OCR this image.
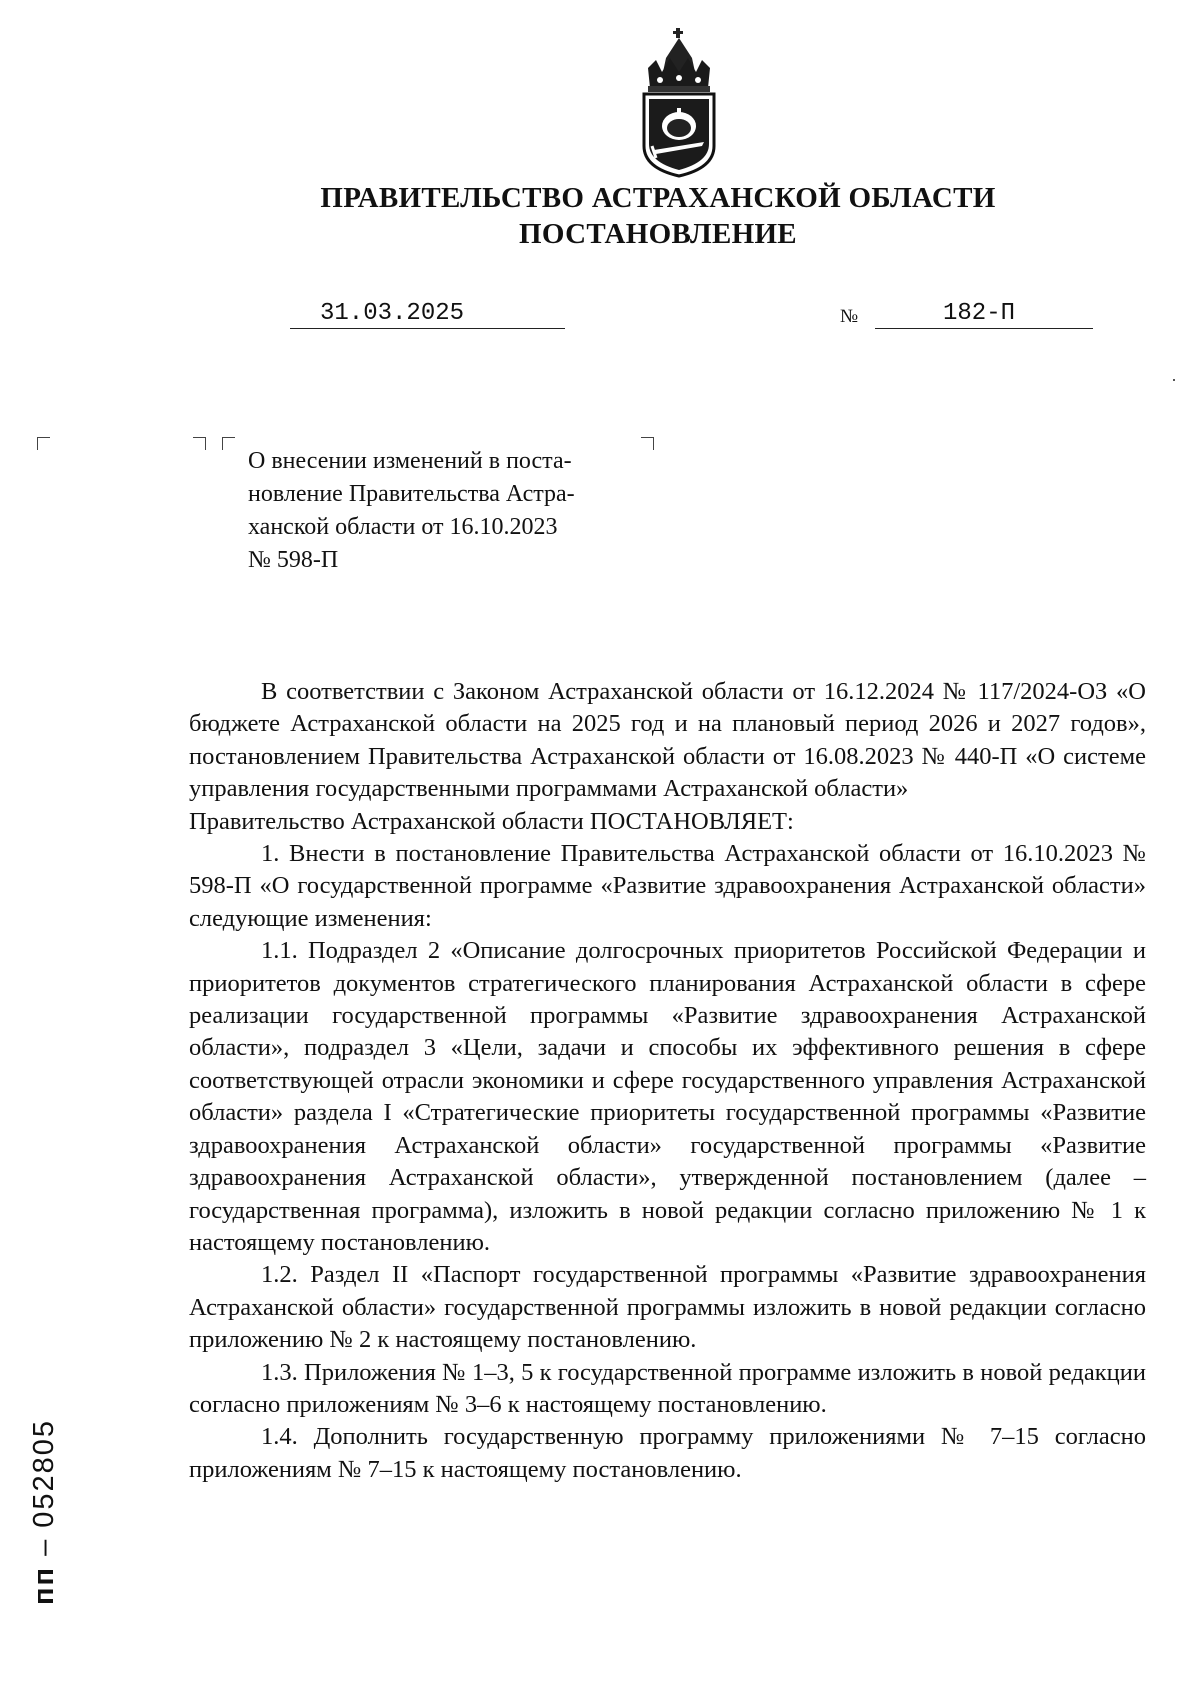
ПРАВИТЕЛЬСТВО АСТРАХАНСКОЙ ОБЛАСТИ
ПОСТАНОВЛЕНИЕ
31.03.2025	№	182-П
О внесении изменений в поста-
новление Правительства Астра-
ханской области от 16.10.2023
№ 598-П

В соответствии с Законом Астраханской области от 16.12.2024 № 117/2024-ОЗ «О бюджете Астраханской области на 2025 год и на плановый период 2026 и 2027 годов», постановлением Правительства Астраханской области от 16.08.2023 № 440-П «О системе управления государственными программами Астраханской области»

Правительство Астраханской области ПОСТАНОВЛЯЕТ:

1. Внести в постановление Правительства Астраханской области от 16.10.2023 № 598-П «О государственной программе «Развитие здравоохранения Астраханской области» следующие изменения:

1.1. Подраздел 2 «Описание долгосрочных приоритетов Российской Федерации и приоритетов документов стратегического планирования Астраханской области в сфере реализации государственной программы «Развитие здравоохранения Астраханской области», подраздел 3 «Цели, задачи и способы их эффективного решения в сфере соответствующей отрасли экономики и сфере государственного управления Астраханской области» раздела I «Стратегические приоритеты государственной программы «Развитие здравоохранения Астраханской области» государственной программы «Развитие здравоохранения Астраханской области», утвержденной постановлением (далее – государственная программа), изложить в новой редакции согласно приложению № 1 к настоящему постановлению.

1.2. Раздел II «Паспорт государственной программы «Развитие здравоохранения Астраханской области» государственной программы изложить в новой редакции согласно приложению № 2 к настоящему постановлению.

1.3. Приложения № 1–3, 5 к государственной программе изложить в новой редакции согласно приложениям № 3–6 к настоящему постановлению.

1.4. Дополнить государственную программу приложениями № 7–15 согласно приложениям № 7–15 к настоящему постановлению.

пп – 052805
